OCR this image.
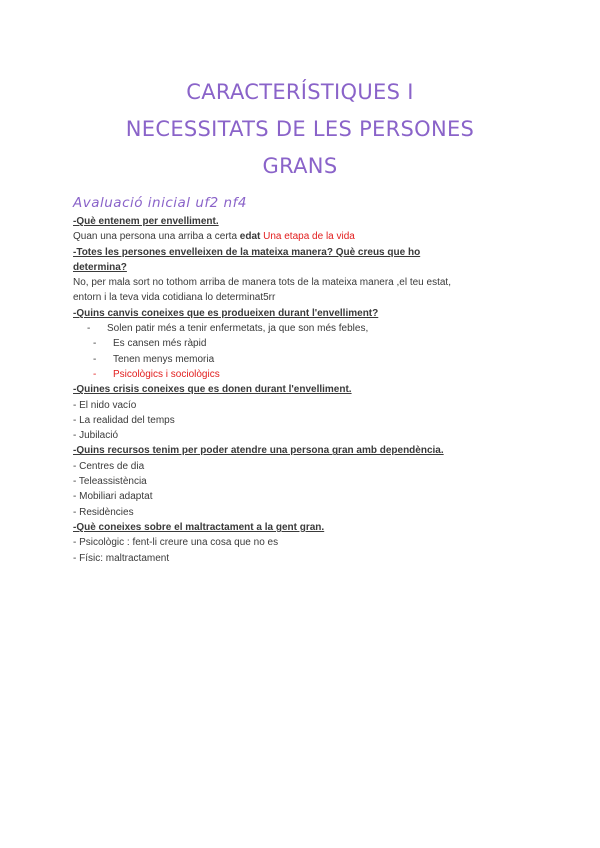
CARACTERÍSTIQUES I
NECESSITATS DE LES PERSONES
GRANS
Avaluació inicial uf2 nf4
-Què entenem per envelliment.
Quan una persona una arriba a certa edat Una etapa de la vida
-Totes les persones envelleixen de la mateixa manera? Què creus que ho determina?
No, per mala sort no tothom arriba de manera tots de la mateixa manera ,el teu estat, entorn i la teva vida cotidiana lo determinat5rr
-Quins canvis coneixes que es produeixen durant l'envelliment?
-	Solen patir més a tenir enfermetats, ja que son més febles,
-	Es cansen més ràpid
-	Tenen menys memoria
-	Psicològics i sociològics
-Quines crisis coneixes que es donen durant l'envelliment.
- El nido vacío
- La realidad del temps
- Jubilació
-Quins recursos tenim per poder atendre una persona gran amb dependència.
- Centres de dia
- Teleassistència
- Mobiliari adaptat
- Residències
-Què coneixes sobre el maltractament a la gent gran.
- Psicològic : fent-li creure una cosa que no es
- Físic: maltractament
